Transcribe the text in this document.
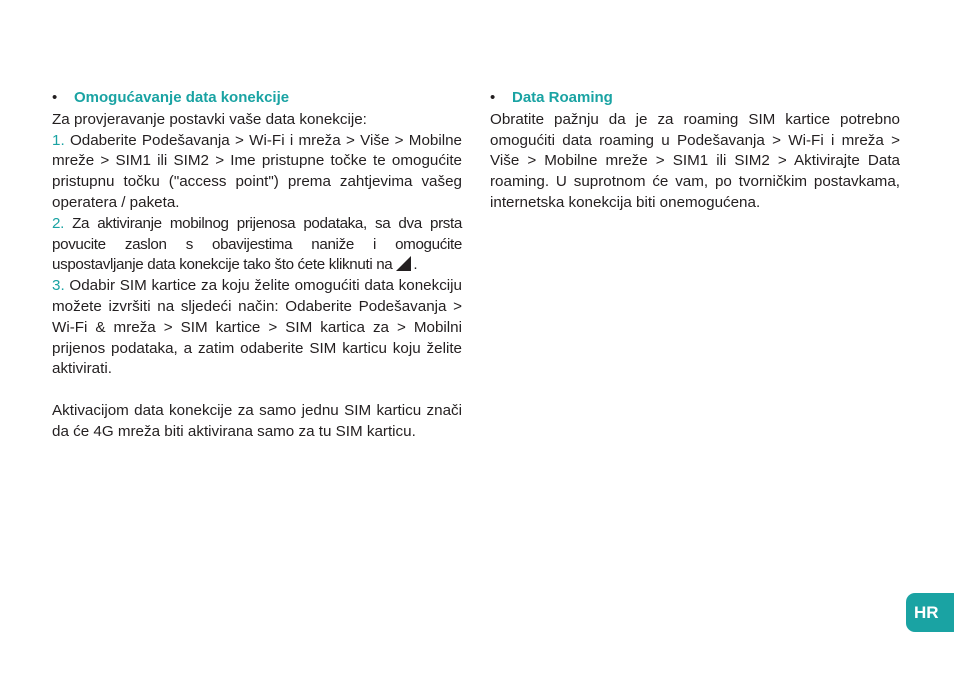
•	Omogućavanje data konekcije

Za provjeravanje postavki vaše data konekcije:

1. Odaberite Podešavanja > Wi-Fi i mreža > Više > Mobilne mreže > SIM1 ili SIM2 > Ime pristupne točke te omogućite pristupnu točku ("access point") prema zahtjevima vašeg operatera / paketa.

2. Za aktiviranje mobilnog prijenosa podataka, sa dva prsta povucite zaslon s obavijestima naniže i omogućite uspostavljanje data konekcije tako što ćete kliknuti na .

3. Odabir SIM kartice za koju želite omogućiti data konekciju možete izvršiti na sljedeći način: Odaberite Podešavanja > Wi-Fi & mreža > SIM kartice > SIM kartica za > Mobilni prijenos podataka, a zatim odaberite SIM karticu koju želite aktivirati.

Aktivacijom data konekcije za samo jednu SIM karticu znači da će 4G mreža biti aktivirana samo za tu SIM karticu.

•	Data Roaming

Obratite pažnju da je za roaming SIM kartice potrebno omogućiti data roaming u Podešavanja > Wi-Fi i mreža > Više > Mobilne mreže > SIM1 ili SIM2 > Aktivirajte Data roaming. U suprotnom će vam, po tvorničkim postavkama, internetska konekcija biti onemogućena.

HR
